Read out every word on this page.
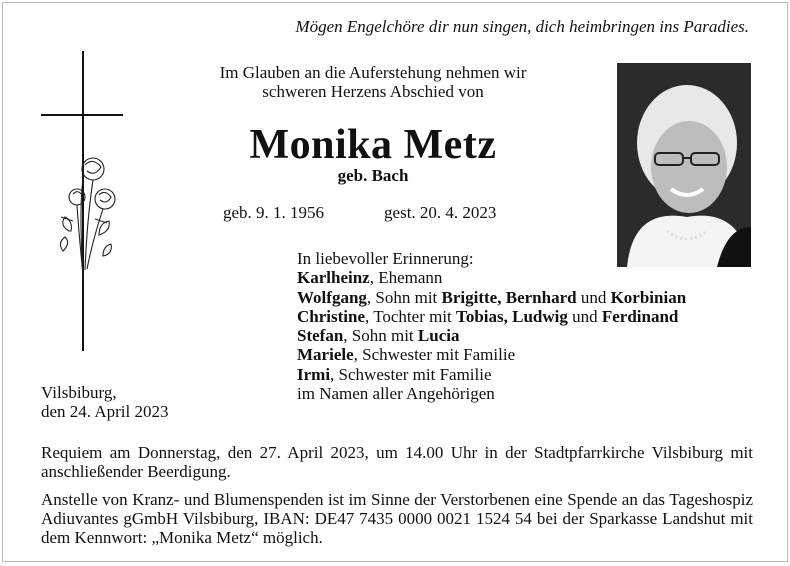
Mögen Engelchöre dir nun singen, dich heimbringen ins Paradies.
Im Glauben an die Auferstehung nehmen wir
schweren Herzens Abschied von
Monika Metz
geb. Bach
geb. 9. 1. 1956	gest. 20. 4. 2023
In liebevoller Erinnerung:
Karlheinz, Ehemann
Wolfgang, Sohn mit Brigitte, Bernhard und Korbinian
Christine, Tochter mit Tobias, Ludwig und Ferdinand
Stefan, Sohn mit Lucia
Mariele, Schwester mit Familie
Irmi, Schwester mit Familie
im Namen aller Angehörigen
Vilsbiburg,
den 24. April 2023
Requiem am Donnerstag, den 27. April 2023, um 14.00 Uhr in der Stadtpfarrkirche Vilsbiburg mit anschließender Beerdigung.
Anstelle von Kranz- und Blumenspenden ist im Sinne der Verstorbenen eine Spende an das Tageshospiz Adiuvantes gGmbH Vilsbiburg, IBAN: DE47 7435 0000 0021 1524 54 bei der Sparkasse Landshut mit dem Kennwort: „Monika Metz“ möglich.
